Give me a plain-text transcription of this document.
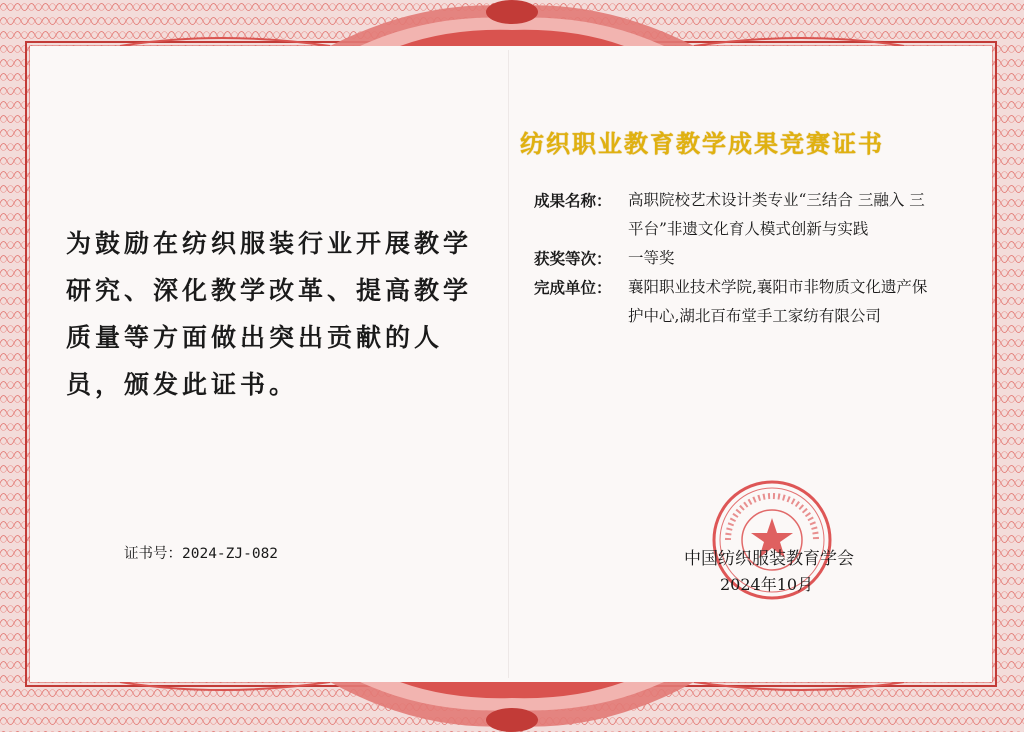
纺织职业教育教学成果竞赛证书
为鼓励在纺织服装行业开展教学研究、深化教学改革、提高教学质量等方面做出突出贡献的人员，颁发此证书。
成果名称：	高职院校艺术设计类专业“三结合 三融入 三平台”非遗文化育人模式创新与实践
获奖等次：	一等奖
完成单位：	襄阳职业技术学院,襄阳市非物质文化遗产保护中心,湖北百布堂手工家纺有限公司
证书号：2024-ZJ-082	中国纺织服装教育学会
2024年10月
